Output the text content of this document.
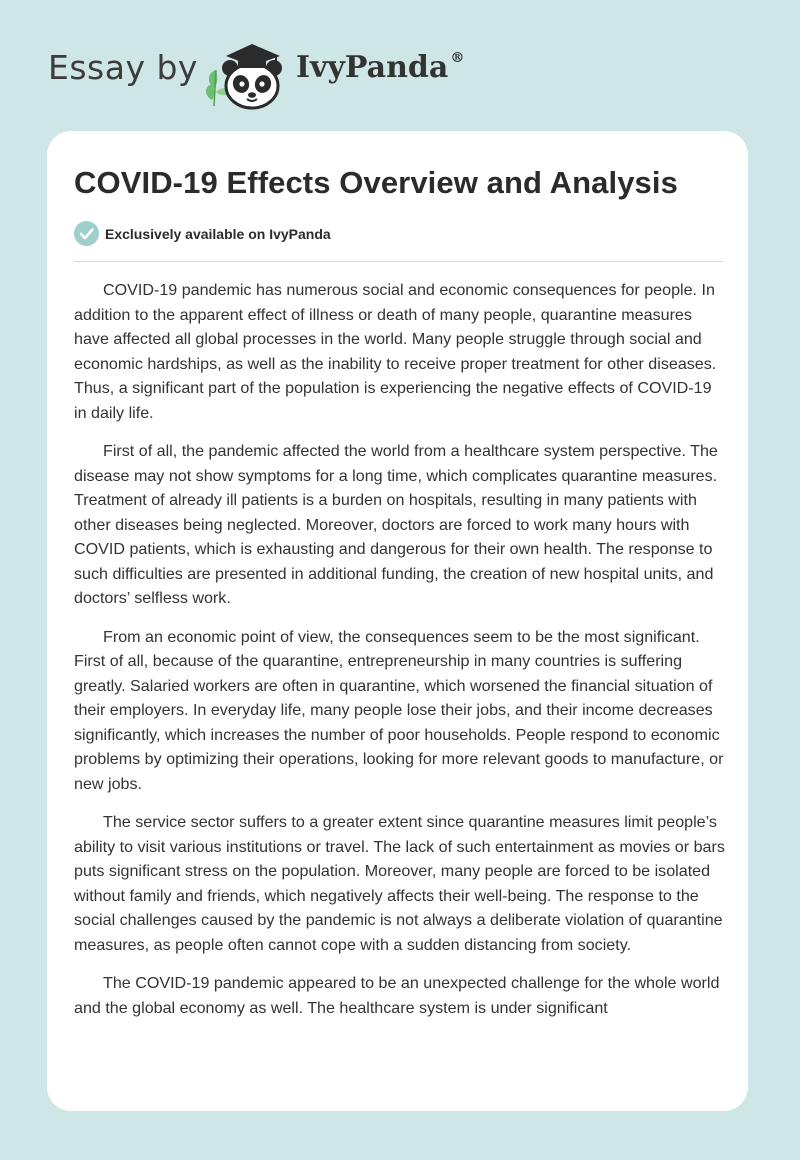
Essay by	IvyPanda ®
COVID-19 Effects Overview and Analysis
Exclusively available on IvyPanda

COVID-19 pandemic has numerous social and economic consequences for people. In addition to the apparent effect of illness or death of many people, quarantine measures have affected all global processes in the world. Many people struggle through social and economic hardships, as well as the inability to receive proper treatment for other diseases. Thus, a significant part of the population is experiencing the negative effects of COVID-19 in daily life.

First of all, the pandemic affected the world from a healthcare system perspective. The disease may not show symptoms for a long time, which complicates quarantine measures. Treatment of already ill patients is a burden on hospitals, resulting in many patients with other diseases being neglected. Moreover, doctors are forced to work many hours with COVID patients, which is exhausting and dangerous for their own health. The response to such difficulties are presented in additional funding, the creation of new hospital units, and doctors’ selfless work.

From an economic point of view, the consequences seem to be the most significant. First of all, because of the quarantine, entrepreneurship in many countries is suffering greatly. Salaried workers are often in quarantine, which worsened the financial situation of their employers. In everyday life, many people lose their jobs, and their income decreases significantly, which increases the number of poor households. People respond to economic problems by optimizing their operations, looking for more relevant goods to manufacture, or new jobs.

The service sector suffers to a greater extent since quarantine measures limit people’s ability to visit various institutions or travel. The lack of such entertainment as movies or bars puts significant stress on the population. Moreover, many people are forced to be isolated without family and friends, which negatively affects their well-being. The response to the social challenges caused by the pandemic is not always a deliberate violation of quarantine measures, as people often cannot cope with a sudden distancing from society.

The COVID-19 pandemic appeared to be an unexpected challenge for the whole world and the global economy as well. The healthcare system is under significant
